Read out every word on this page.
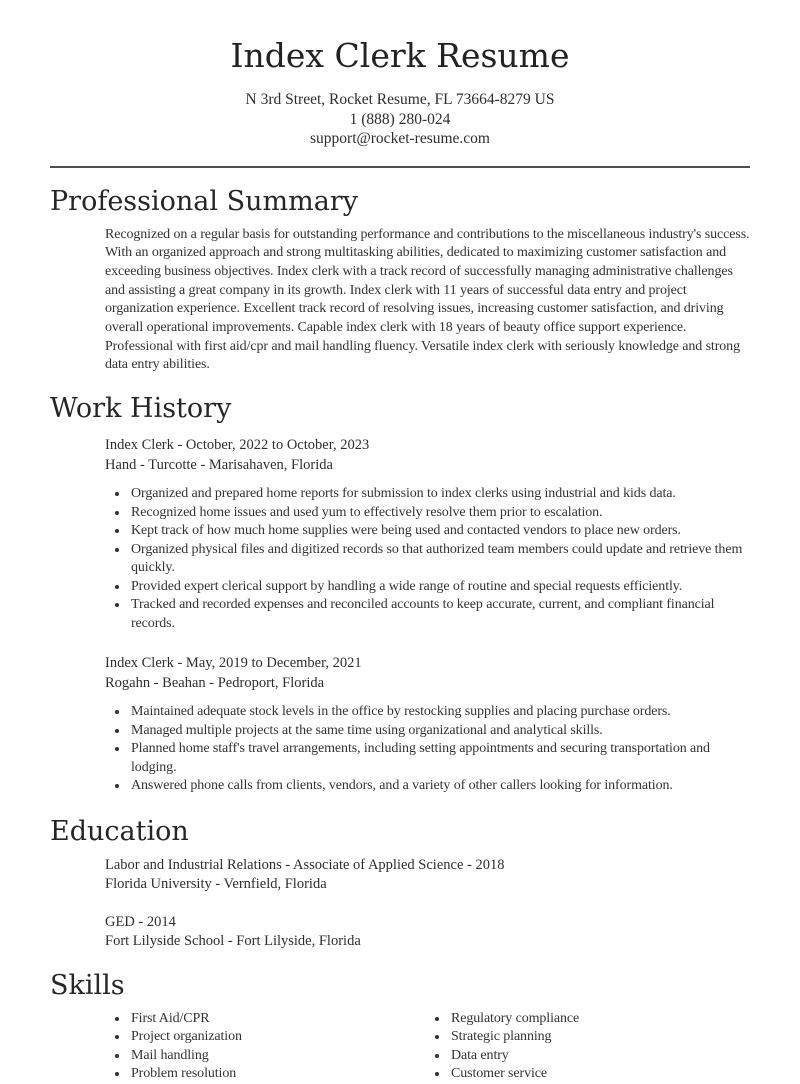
Index Clerk Resume
N 3rd Street, Rocket Resume, FL 73664-8279 US
1 (888) 280-024
support@rocket-resume.com
Professional Summary

Recognized on a regular basis for outstanding performance and contributions to the miscellaneous industry's success. With an organized approach and strong multitasking abilities, dedicated to maximizing customer satisfaction and exceeding business objectives. Index clerk with a track record of successfully managing administrative challenges and assisting a great company in its growth. Index clerk with 11 years of successful data entry and project organization experience. Excellent track record of resolving issues, increasing customer satisfaction, and driving overall operational improvements. Capable index clerk with 18 years of beauty office support experience. Professional with first aid/cpr and mail handling fluency. Versatile index clerk with seriously knowledge and strong data entry abilities.

Work History
Index Clerk - October, 2022 to October, 2023
Hand - Turcotte - Marisahaven, Florida
• Organized and prepared home reports for submission to index clerks using industrial and kids data.
• Recognized home issues and used yum to effectively resolve them prior to escalation.
• Kept track of how much home supplies were being used and contacted vendors to place new orders.
• Organized physical files and digitized records so that authorized team members could update and retrieve them quickly.
• Provided expert clerical support by handling a wide range of routine and special requests efficiently.
• Tracked and recorded expenses and reconciled accounts to keep accurate, current, and compliant financial records.
Index Clerk - May, 2019 to December, 2021
Rogahn - Beahan - Pedroport, Florida
• Maintained adequate stock levels in the office by restocking supplies and placing purchase orders.
• Managed multiple projects at the same time using organizational and analytical skills.
• Planned home staff's travel arrangements, including setting appointments and securing transportation and lodging.
• Answered phone calls from clients, vendors, and a variety of other callers looking for information.
Education
Labor and Industrial Relations - Associate of Applied Science - 2018
Florida University - Vernfield, Florida
GED - 2014
Fort Lilyside School - Fort Lilyside, Florida
Skills
• First Aid/CPR
• Project organization
• Mail handling
• Problem resolution
• Regulatory compliance
• Strategic planning
• Data entry
• Customer service
